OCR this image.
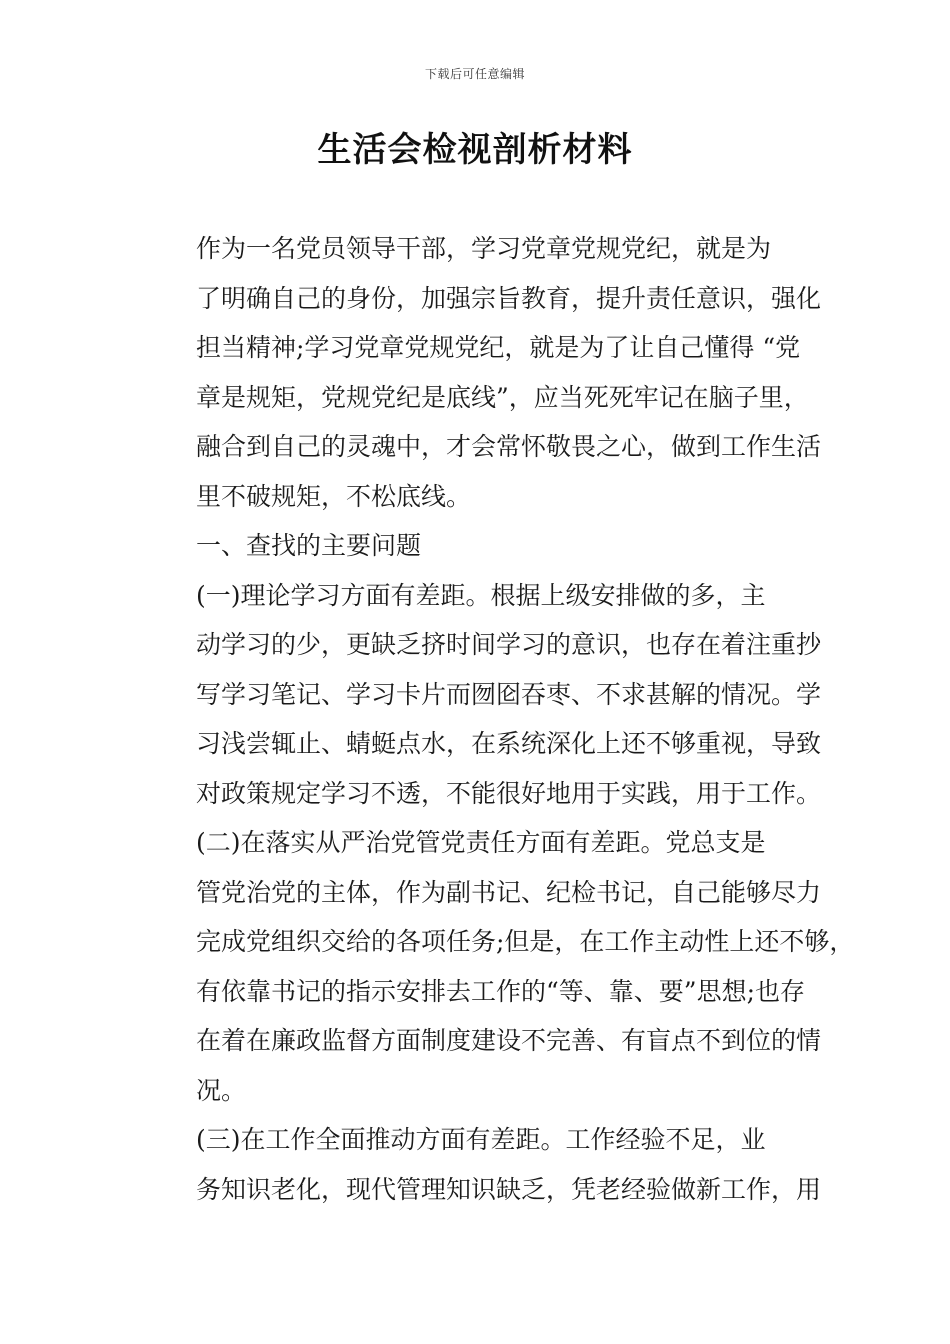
下载后可任意编辑
生活会检视剖析材料

作为一名党员领导干部，学习党章党规党纪，就是为
了明确自己的身份，加强宗旨教育，提升责任意识，强化
担当精神;学习党章党规党纪，就是为了让自己懂得 “党
章是规矩，党规党纪是底线”，应当死死牢记在脑子里，
融合到自己的灵魂中，才会常怀敬畏之心，做到工作生活
里不破规矩，不松底线。

一、查找的主要问题

(一)理论学习方面有差距。根据上级安排做的多，主
动学习的少，更缺乏挤时间学习的意识，也存在着注重抄
写学习笔记、学习卡片而囫囵吞枣、不求甚解的情况。学
习浅尝辄止、蜻蜓点水，在系统深化上还不够重视，导致
对政策规定学习不透，不能很好地用于实践，用于工作。

(二)在落实从严治党管党责任方面有差距。党总支是
管党治党的主体，作为副书记、纪检书记，自己能够尽力
完成党组织交给的各项任务;但是，在工作主动性上还不够，
有依靠书记的指示安排去工作的“等、靠、要”思想;也存
在着在廉政监督方面制度建设不完善、有盲点不到位的情
况。

(三)在工作全面推动方面有差距。工作经验不足，业
务知识老化，现代管理知识缺乏，凭老经验做新工作，用
